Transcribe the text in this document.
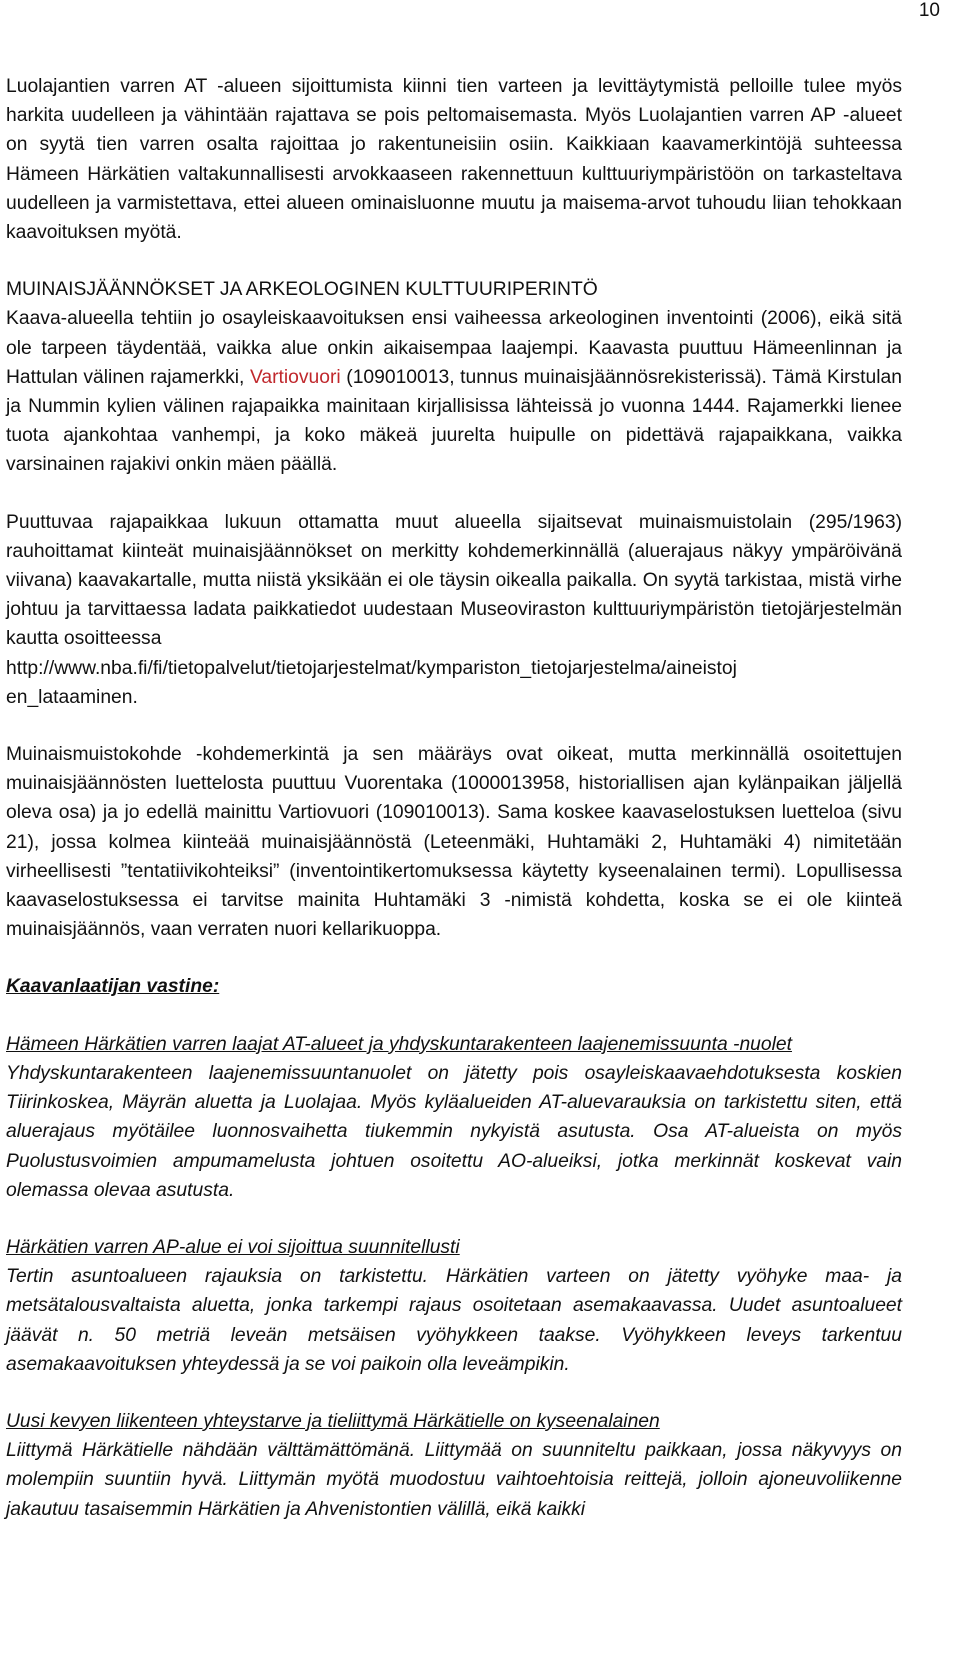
10

Luolajantien varren AT -alueen sijoittumista kiinni tien varteen ja levittäytymistä pelloille tulee myös harkita uudelleen ja vähintään rajattava se pois peltomaisemasta. Myös Luolajantien varren AP -alueet on syytä tien varren osalta rajoittaa jo rakentuneisiin osiin. Kaikkiaan kaavamerkintöjä suhteessa Hämeen Härkätien valtakunnallisesti arvokkaaseen rakennettuun kulttuuriympäristöön on tarkasteltava uudelleen ja varmistettava, ettei alueen ominaisluonne muutu ja maisema-arvot tuhoudu liian tehokkaan kaavoituksen myötä.

MUINAISJÄÄNNÖKSET JA ARKEOLOGINEN KULTTUURIPERINTÖ

Kaava-alueella tehtiin jo osayleiskaavoituksen ensi vaiheessa arkeologinen inventointi (2006), eikä sitä ole tarpeen täydentää, vaikka alue onkin aikaisempaa laajempi. Kaavasta puuttuu Hämeenlinnan ja Hattulan välinen rajamerkki, Vartiovuori (109010013, tunnus muinaisjäännösrekisterissä). Tämä Kirstulan ja Nummin kylien välinen rajapaikka mainitaan kirjallisissa lähteissä jo vuonna 1444. Rajamerkki lienee tuota ajankohtaa vanhempi, ja koko mäkeä juurelta huipulle on pidettävä rajapaikkana, vaikka varsinainen rajakivi onkin mäen päällä.

Puuttuvaa rajapaikkaa lukuun ottamatta muut alueella sijaitsevat muinaismuistolain (295/1963) rauhoittamat kiinteät muinaisjäännökset on merkitty kohdemerkinnällä (aluerajaus näkyy ympäröivänä viivana) kaavakartalle, mutta niistä yksikään ei ole täysin oikealla paikalla. On syytä tarkistaa, mistä virhe johtuu ja tarvittaessa ladata paikkatiedot uudestaan Museoviraston kulttuuriympäristön tietojärjestelmän kautta osoitteessa
http://www.nba.fi/fi/tietopalvelut/tietojarjestelmat/kympariston_tietojarjestelma/aineistoj
en_lataaminen.

Muinaismuistokohde -kohdemerkintä ja sen määräys ovat oikeat, mutta merkinnällä osoitettujen muinaisjäännösten luettelosta puuttuu Vuorentaka (1000013958, historiallisen ajan kylänpaikan jäljellä oleva osa) ja jo edellä mainittu Vartiovuori (109010013). Sama koskee kaavaselostuksen luetteloa (sivu 21), jossa kolmea kiinteää muinaisjäännöstä (Leteenmäki, Huhtamäki 2, Huhtamäki 4) nimitetään virheellisesti ”tentatiivikohteiksi” (inventointikertomuksessa käytetty kyseenalainen termi). Lopullisessa kaavaselostuksessa ei tarvitse mainita Huhtamäki 3 -nimistä kohdetta, koska se ei ole kiinteä muinaisjäännös, vaan verraten nuori kellarikuoppa.

Kaavanlaatijan vastine:

Hämeen Härkätien varren laajat AT-alueet ja yhdyskuntarakenteen laajenemissuunta -nuolet

Yhdyskuntarakenteen laajenemissuuntanuolet on jätetty pois osayleiskaavaehdotuksesta koskien Tiirinkoskea, Mäyrän aluetta ja Luolajaa. Myös kyläalueiden AT-aluevarauksia on tarkistettu siten, että aluerajaus myötäilee luonnosvaihetta tiukemmin nykyistä asutusta. Osa AT-alueista on myös Puolustusvoimien ampumamelusta johtuen osoitettu AO-alueiksi, jotka merkinnät koskevat vain olemassa olevaa asutusta.

Härkätien varren AP-alue ei voi sijoittua suunnitellusti

Tertin asuntoalueen rajauksia on tarkistettu. Härkätien varteen on jätetty vyöhyke maa- ja metsätalousvaltaista aluetta, jonka tarkempi rajaus osoitetaan asemakaavassa. Uudet asuntoalueet jäävät n. 50 metriä leveän metsäisen vyöhykkeen taakse. Vyöhykkeen leveys tarkentuu asemakaavoituksen yhteydessä ja se voi paikoin olla leveämpikin.

Uusi kevyen liikenteen yhteystarve ja tieliittymä Härkätielle on kyseenalainen

Liittymä Härkätielle nähdään välttämättömänä. Liittymää on suunniteltu paikkaan, jossa näkyvyys on molempiin suuntiin hyvä. Liittymän myötä muodostuu vaihtoehtoisia reittejä, jolloin ajoneuvoliikenne jakautuu tasaisemmin Härkätien ja Ahvenistontien välillä, eikä kaikki
